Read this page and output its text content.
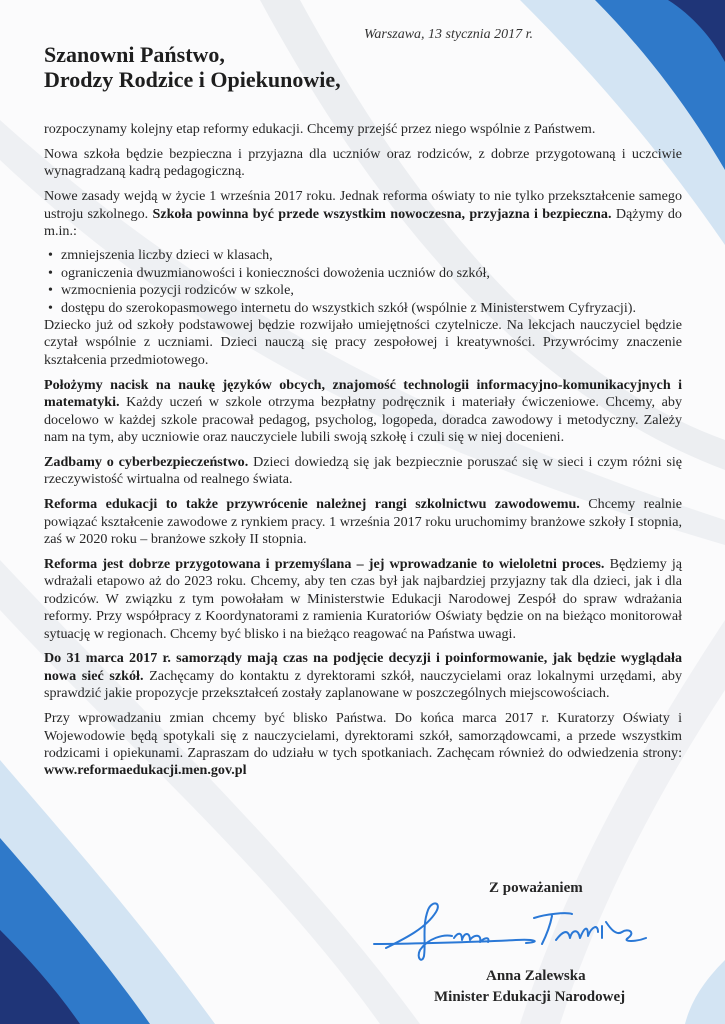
Warszawa, 13 stycznia 2017 r.

Szanowni Państwo,
Drodzy Rodzice i Opiekunowie,

rozpoczynamy kolejny etap reformy edukacji. Chcemy przejść przez niego wspólnie z Państwem.

Nowa szkoła będzie bezpieczna i przyjazna dla uczniów oraz rodziców, z dobrze przygotowaną i uczciwie wynagradzaną kadrą pedagogiczną.

Nowe zasady wejdą w życie 1 września 2017 roku. Jednak reforma oświaty to nie tylko przekształcenie samego ustroju szkolnego. Szkoła powinna być przede wszystkim nowoczesna, przyjazna i bezpieczna. Dążymy do m.in.:

• zmniejszenia liczby dzieci w klasach,
• ograniczenia dwuzmianowości i konieczności dowożenia uczniów do szkół,
• wzmocnienia pozycji rodziców w szkole,
• dostępu do szerokopasmowego internetu do wszystkich szkół (wspólnie z Ministerstwem Cyfryzacji).

Dziecko już od szkoły podstawowej będzie rozwijało umiejętności czytelnicze. Na lekcjach nauczyciel będzie czytał wspólnie z uczniami. Dzieci nauczą się pracy zespołowej i kreatywności. Przywrócimy znaczenie kształcenia przedmiotowego.

Położymy nacisk na naukę języków obcych, znajomość technologii informacyjno-komunikacyjnych i matematyki. Każdy uczeń w szkole otrzyma bezpłatny podręcznik i materiały ćwiczeniowe. Chcemy, aby docelowo w każdej szkole pracował pedagog, psycholog, logopeda, doradca zawodowy i metodyczny. Zależy nam na tym, aby uczniowie oraz nauczyciele lubili swoją szkołę i czuli się w niej docenieni.

Zadbamy o cyberbezpieczeństwo. Dzieci dowiedzą się jak bezpiecznie poruszać się w sieci i czym różni się rzeczywistość wirtualna od realnego świata.

Reforma edukacji to także przywrócenie należnej rangi szkolnictwu zawodowemu. Chcemy realnie powiązać kształcenie zawodowe z rynkiem pracy. 1 września 2017 roku uruchomimy branżowe szkoły I stopnia, zaś w 2020 roku – branżowe szkoły II stopnia.

Reforma jest dobrze przygotowana i przemyślana – jej wprowadzanie to wieloletni proces. Będziemy ją wdrażali etapowo aż do 2023 roku. Chcemy, aby ten czas był jak najbardziej przyjazny tak dla dzieci, jak i dla rodziców. W związku z tym powołałam w Ministerstwie Edukacji Narodowej Zespół do spraw wdrażania reformy. Przy współpracy z Koordynatorami z ramienia Kuratoriów Oświaty będzie on na bieżąco monitorował sytuację w regionach. Chcemy być blisko i na bieżąco reagować na Państwa uwagi.

Do 31 marca 2017 r. samorządy mają czas na podjęcie decyzji i poinformowanie, jak będzie wyglądała nowa sieć szkół. Zachęcamy do kontaktu z dyrektorami szkół, nauczycielami oraz lokalnymi urzędami, aby sprawdzić jakie propozycje przekształceń zostały zaplanowane w poszczególnych miejscowościach.

Przy wprowadzaniu zmian chcemy być blisko Państwa. Do końca marca 2017 r. Kuratorzy Oświaty i Wojewodowie będą spotykali się z nauczycielami, dyrektorami szkół, samorządowcami, a przede wszystkim rodzicami i opiekunami. Zapraszam do udziału w tych spotkaniach. Zachęcam również do odwiedzenia strony: www.reformaedukacji.men.gov.pl

Z poważaniem

Anna Zalewska

Minister Edukacji Narodowej
